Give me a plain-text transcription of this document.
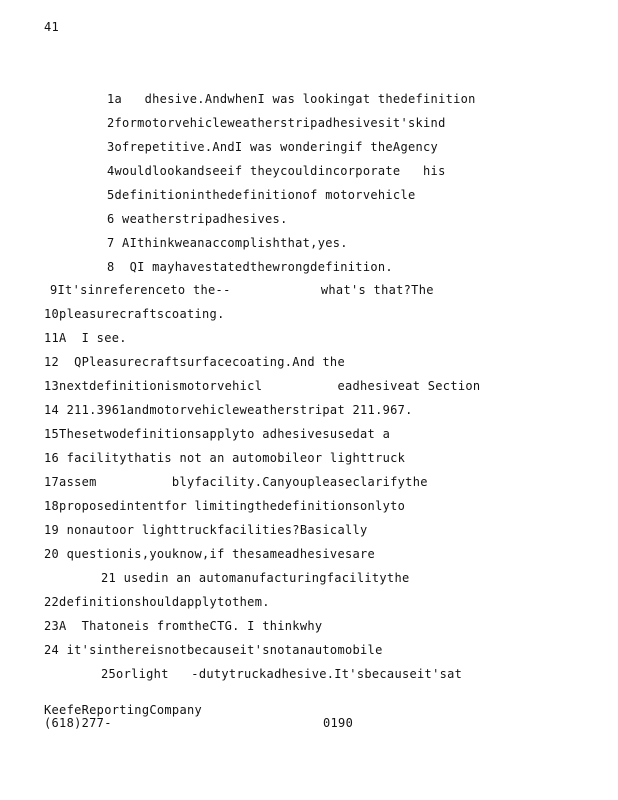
41
1a   dhesive.AndwhenI was lookingat thedefinition
2formotorvehicleweatherstripadhesivesit'skind
3ofrepetitive.AndI was wonderingif theAgency
4wouldlookandseeif theycouldincorporate   his
5definitioninthedefinitionof motorvehicle
6 weatherstripadhesives.
7 AIthinkweanaccomplishthat,yes.
8  QI mayhavestatedthewrongdefinition.
9It'sinreferenceto the--            what's that?The
10pleasurecraftscoating.
11A  I see.
12  QPleasurecraftsurfacecoating.And the
13nextdefinitionismotorvehicl          eadhesiveat Section
14 211.3961andmotorvehicleweatherstripat 211.967.
15Thesetwodefinitionsapplyto adhesivesusedat a
16 facilitythatis not an automobileor lighttruck
17assem          blyfacility.Canyoupleaseclarifythe
18proposedintentfor limitingthedefinitionsonlyto
19 nonautoor lighttruckfacilities?Basically
20 questionis,youknow,if thesameadhesivesare
21 usedin an automanufacturingfacilitythe
22definitionshouldapplytothem.
23A  Thatoneis fromtheCTG. I thinkwhy
24 it'sinthereisnotbecauseit'snotanautomobile
25orlight   -dutytruckadhesive.It'sbecauseit'sat
KeefeReportingCompany
(618)277-	0190
